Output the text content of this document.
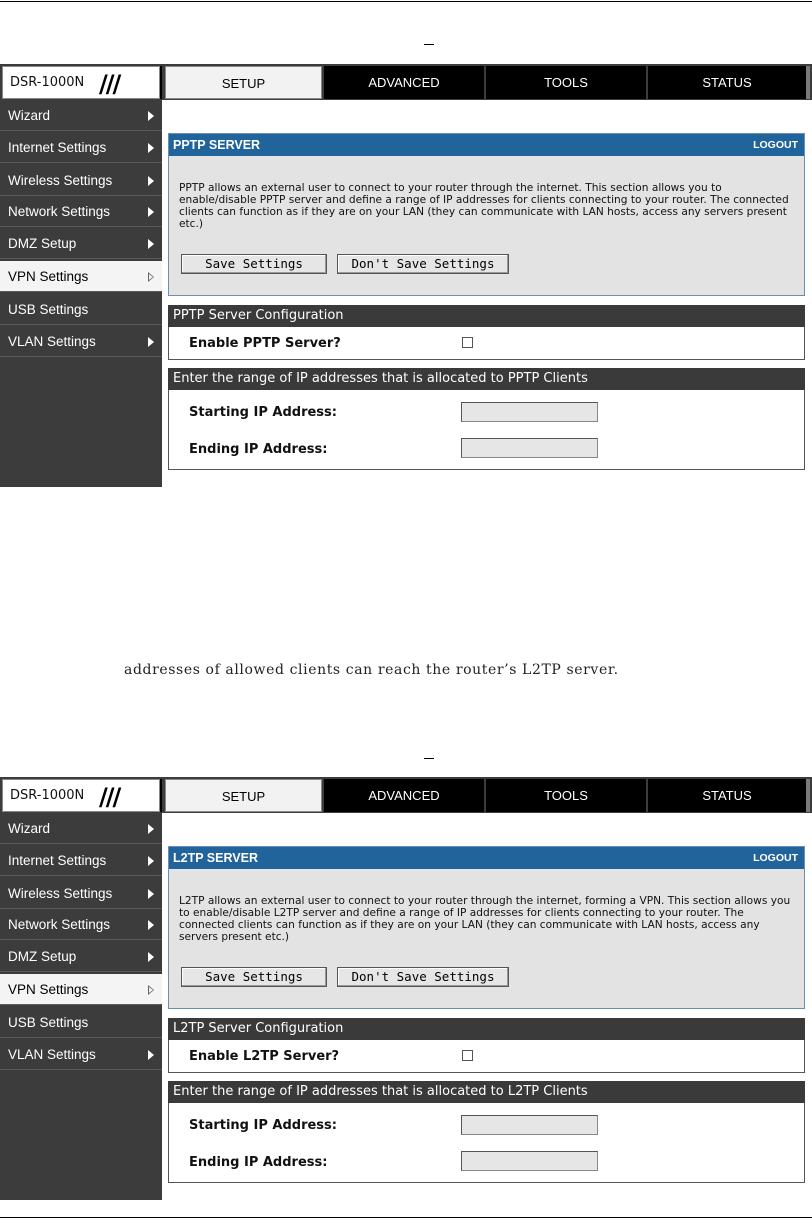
DSR-1000N ///	SETUP	ADVANCED	TOOLS	STATUS
Wizard
Internet Settings
Wireless Settings
Network Settings
DMZ Setup
VPN Settings
USB Settings
VLAN Settings
PPTP SERVER	LOGOUT
PPTP allows an external user to connect to your router through the internet. This section allows you to enable/disable PPTP server and define a range of IP addresses for clients connecting to your router. The connected clients can function as if they are on your LAN (they can communicate with LAN hosts, access any servers present etc.)
Save Settings	Don't Save Settings
PPTP Server Configuration
Enable PPTP Server?
Enter the range of IP addresses that is allocated to PPTP Clients
Starting IP Address:
Ending IP Address:
addresses of allowed clients can reach the router’s L2TP server.
DSR-1000N ///	SETUP	ADVANCED	TOOLS	STATUS
Wizard
Internet Settings
Wireless Settings
Network Settings
DMZ Setup
VPN Settings
USB Settings
VLAN Settings
L2TP SERVER	LOGOUT
L2TP allows an external user to connect to your router through the internet, forming a VPN. This section allows you to enable/disable L2TP server and define a range of IP addresses for clients connecting to your router. The connected clients can function as if they are on your LAN (they can communicate with LAN hosts, access any servers present etc.)
Save Settings	Don't Save Settings
L2TP Server Configuration
Enable L2TP Server?
Enter the range of IP addresses that is allocated to L2TP Clients
Starting IP Address:
Ending IP Address:
